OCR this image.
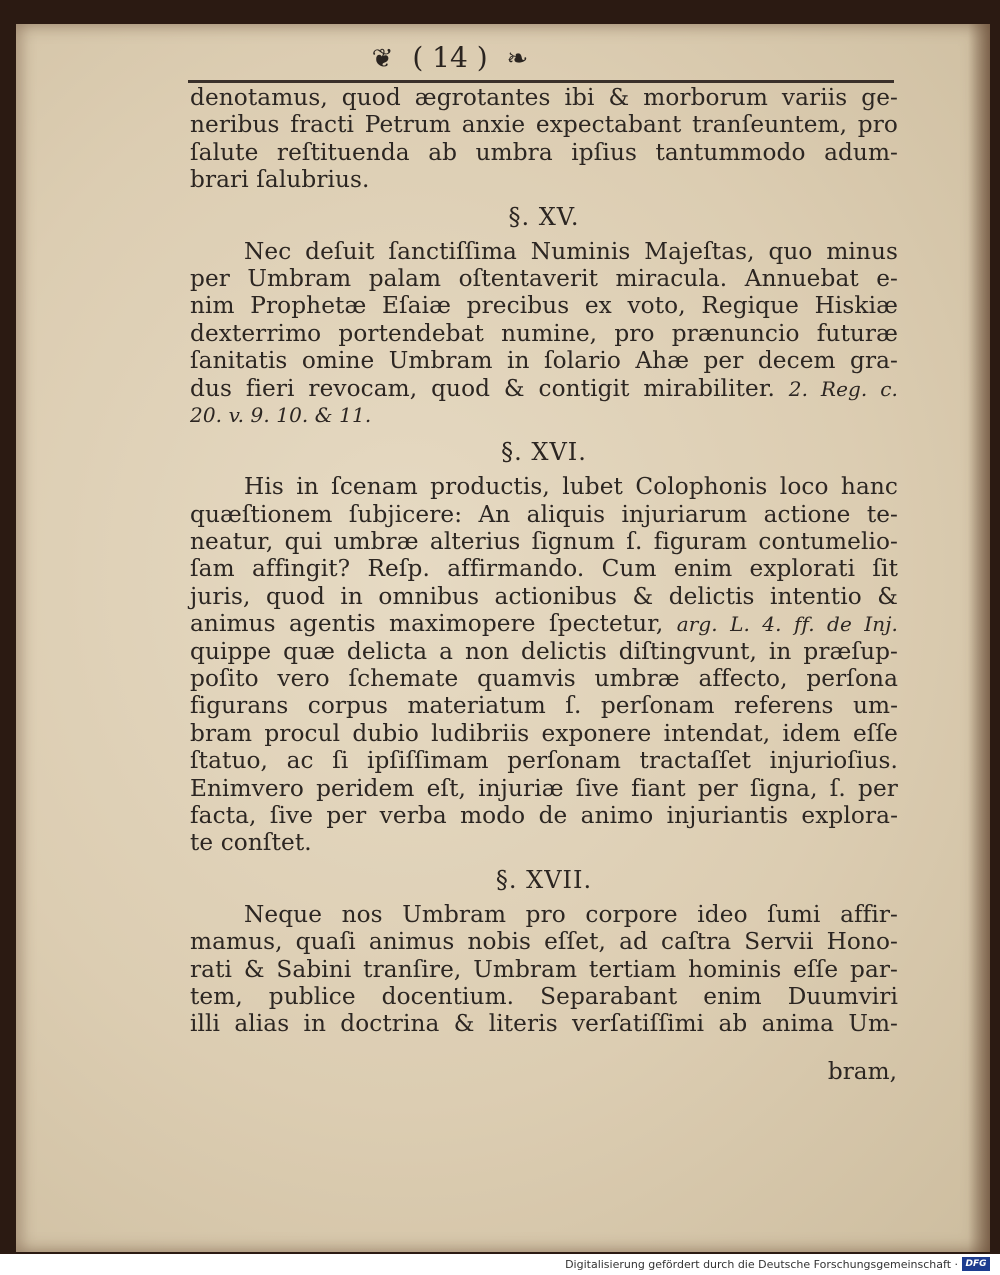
❦ ( 14 ) ❧
denotamus, quod ægrotantes ibi & morborum variis ge-
neribus fracti Petrum anxie expectabant tranſeuntem, pro
ſalute reſtituenda ab umbra ipſius tantummodo adum-
brari ſalubrius.
§. XV.
Nec deſuit ſanctiſſima Numinis Majeſtas, quo minus
per Umbram palam oſtentaverit miracula. Annuebat e-
nim Prophetæ Eſaiæ precibus ex voto, Regique Hiskiæ
dexterrimo portendebat numine, pro prænuncio futuræ
ſanitatis omine Umbram in ſolario Ahæ per decem gra-
dus fieri revocam, quod & contigit mirabiliter. 2. Reg. c.
20. v. 9. 10. & 11.
§. XVI.
His in ſcenam productis, lubet Colophonis loco hanc
quæſtionem ſubjicere: An aliquis injuriarum actione te-
neatur, qui umbræ alterius ſignum ſ. figuram contumelio-
ſam affingit? Reſp. affirmando. Cum enim explorati ſit
juris, quod in omnibus actionibus & delictis intentio &
animus agentis maximopere ſpectetur, arg. L. 4. ff. de Inj.
quippe quæ delicta a non delictis diſtingvunt, in præſup-
poſito vero ſchemate quamvis umbræ affecto, perſona
figurans corpus materiatum ſ. perſonam referens um-
bram procul dubio ludibriis exponere intendat, idem eſſe
ſtatuo, ac ſi ipſiſſimam perſonam tractaſſet injurioſius.
Enimvero peridem eſt, injuriæ ſive fiant per ſigna, ſ. per
facta, ſive per verba modo de animo injuriantis explora-
te conſtet.
§. XVII.
Neque nos Umbram pro corpore ideo ſumi affir-
mamus, quaſi animus nobis eſſet, ad caſtra Servii Hono-
rati & Sabini tranſire, Umbram tertiam hominis eſſe par-
tem, publice docentium. Separabant enim Duumviri
illi alias in doctrina & literis verſatiſſimi ab anima Um-
bram,
Digitalisierung gefördert durch die Deutsche Forschungsgemeinschaft · DFG
